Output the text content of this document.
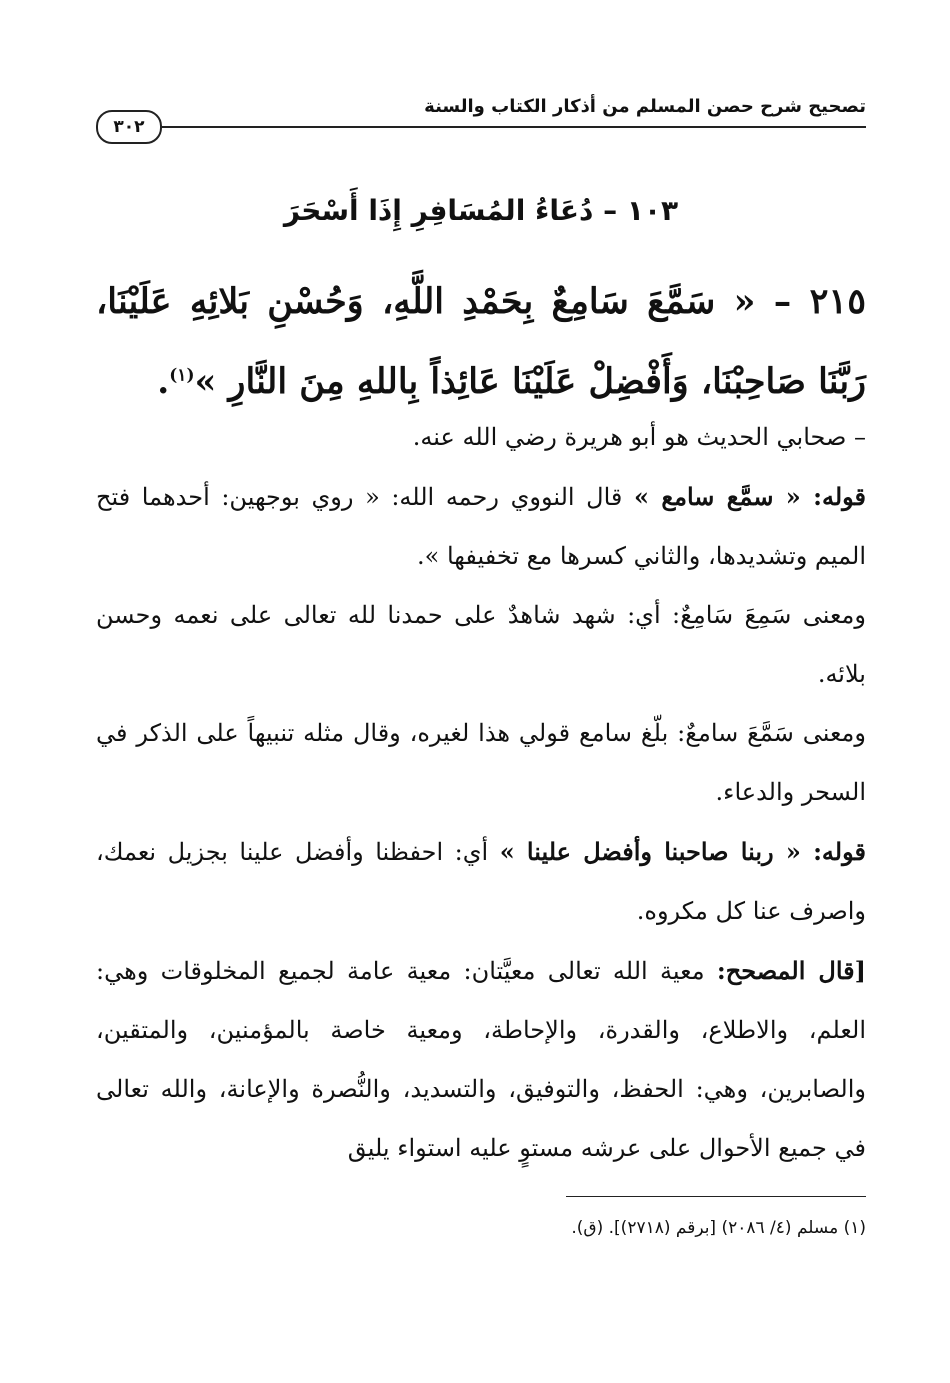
تصحيح شرح حصن المسلم من أذكار الكتاب والسنة
٣٠٢
١٠٣ – دُعَاءُ المُسَافِرِ إِذَا أَسْحَرَ
٢١٥ – « سَمَّعَ سَامِعٌ بِحَمْدِ اللَّهِ، وَحُسْنِ بَلائِهِ عَلَيْنَا، رَبَّنَا صَاحِبْنَا، وَأَفْضِلْ عَلَيْنَا عَائِذاً بِاللهِ مِنَ النَّارِ »$^{(١)}$.

– صحابي الحديث هو أبو هريرة رضي الله عنه.

قوله: « سمَّع سامع » قال النووي رحمه الله: « روي بوجهين: أحدهما فتح الميم وتشديدها، والثاني كسرها مع تخفيفها ».

ومعنى سَمِعَ سَامِعٌ: أي: شهد شاهدٌ على حمدنا لله تعالى على نعمه وحسن بلائه.

ومعنى سَمَّعَ سامعٌ: بلّغ سامع قولي هذا لغيره، وقال مثله تنبيهاً على الذكر في السحر والدعاء.

قوله: « ربنا صاحبنا وأفضل علينا » أي: احفظنا وأفضل علينا بجزيل نعمك، واصرف عنا كل مكروه.

[قال المصحح: معية الله تعالى معيَّتان: معية عامة لجميع المخلوقات وهي: العلم، والاطلاع، والقدرة، والإحاطة، ومعية خاصة بالمؤمنين، والمتقين، والصابرين، وهي: الحفظ، والتوفيق، والتسديد، والنُّصرة والإعانة، والله تعالى في جميع الأحوال على عرشه مستوٍ عليه استواء يليق

(١) مسلم (٤/ ٢٠٨٦) [برقم (٢٧١٨)]. (ق).
